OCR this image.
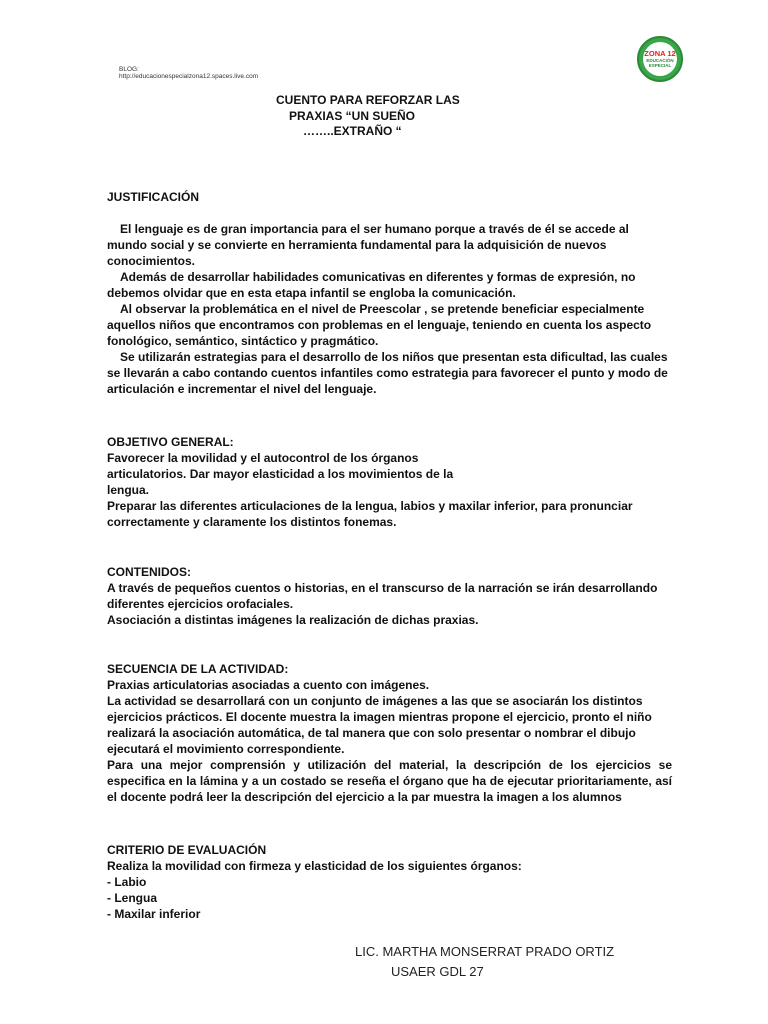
BLOG:
http://educacionespecialzona12.spaces.live.com
ZONA 12
EDUCACIÓN
ESPECIAL
CUENTO PARA REFORZAR LAS
PRAXIAS “UN SUEÑO
……..EXTRAÑO “

JUSTIFICACIÓN

El lenguaje es de gran importancia para el ser humano porque a través de él se accede al mundo social y se convierte en herramienta fundamental para la adquisición de nuevos conocimientos.

Además de desarrollar habilidades comunicativas en diferentes y formas de expresión, no debemos olvidar que en esta etapa infantil se engloba la comunicación.

Al observar la problemática en el nivel de Preescolar , se pretende beneficiar especialmente aquellos niños que encontramos con problemas en el lenguaje, teniendo en cuenta los aspecto fonológico, semántico, sintáctico y pragmático.

Se utilizarán estrategias para el desarrollo de los niños que presentan esta dificultad, las cuales se llevarán a cabo contando cuentos infantiles como estrategia para favorecer el punto y modo de articulación e incrementar el nivel del lenguaje.

OBJETIVO GENERAL:

Favorecer la movilidad y el autocontrol de los órganos

articulatorios. Dar mayor elasticidad a los movimientos de la

lengua.

Preparar las diferentes articulaciones de la lengua, labios y maxilar inferior, para pronunciar correctamente y claramente los distintos fonemas.

CONTENIDOS:

A través de pequeños cuentos o historias, en el transcurso de la narración se irán desarrollando diferentes ejercicios orofaciales.

Asociación a distintas imágenes la realización de dichas praxias.

SECUENCIA DE LA ACTIVIDAD:

Praxias articulatorias asociadas a cuento con imágenes.

La actividad se desarrollará con un conjunto de imágenes a las que se asociarán los distintos ejercicios prácticos. El docente muestra la imagen mientras propone el ejercicio, pronto el niño realizará la asociación automática, de tal manera que con solo presentar o nombrar el dibujo ejecutará el movimiento correspondiente.

Para una mejor comprensión y utilización del material, la descripción de los ejercicios se especifica en la lámina y a un costado se reseña el órgano que ha de ejecutar prioritariamente, así el docente podrá leer la descripción del ejercicio a la par muestra la imagen a los alumnos

CRITERIO DE EVALUACIÓN

Realiza la movilidad con firmeza y elasticidad de los siguientes órganos:

- Labio

- Lengua

- Maxilar inferior

LIC. MARTHA MONSERRAT PRADO ORTIZ
USAER GDL 27
